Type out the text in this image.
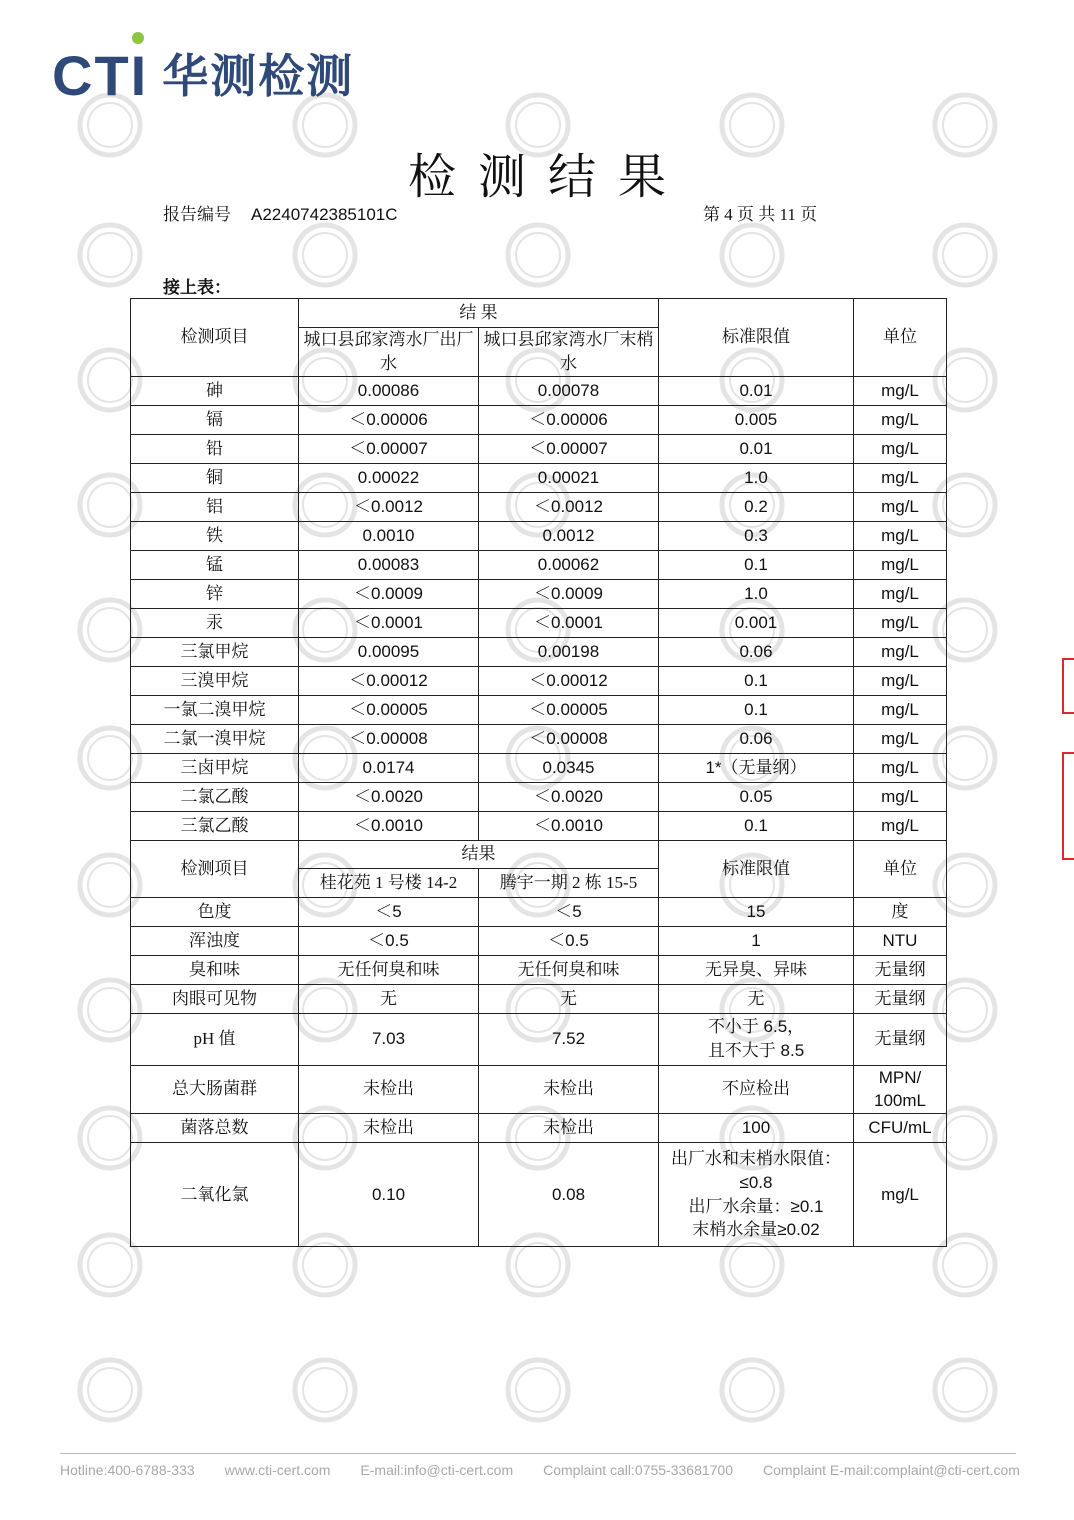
CTI 华测检测
检测结果
报告编号 A2240742385101C	第 4 页 共 11 页
接上表：
检测项目	结 果		标准限值	单位
	城口县邱家湾水厂出厂水	城口县邱家湾水厂末梢水		
砷	0.00086	0.00078	0.01	mg/L
镉	＜0.00006	＜0.00006	0.005	mg/L
铅	＜0.00007	＜0.00007	0.01	mg/L
铜	0.00022	0.00021	1.0	mg/L
铝	＜0.0012	＜0.0012	0.2	mg/L
铁	0.0010	0.0012	0.3	mg/L
锰	0.00083	0.00062	0.1	mg/L
锌	＜0.0009	＜0.0009	1.0	mg/L
汞	＜0.0001	＜0.0001	0.001	mg/L
三氯甲烷	0.00095	0.00198	0.06	mg/L
三溴甲烷	＜0.00012	＜0.00012	0.1	mg/L
一氯二溴甲烷	＜0.00005	＜0.00005	0.1	mg/L
二氯一溴甲烷	＜0.00008	＜0.00008	0.06	mg/L
三卤甲烷	0.0174	0.0345	1*（无量纲）	mg/L
二氯乙酸	＜0.0020	＜0.0020	0.05	mg/L
三氯乙酸	＜0.0010	＜0.0010	0.1	mg/L
检测项目	结果		标准限值	单位
	桂花苑 1 号楼 14-2	腾宇一期 2 栋 15-5		
色度	＜5	＜5	15	度
浑浊度	＜0.5	＜0.5	1	NTU
臭和味	无任何臭和味	无任何臭和味	无异臭、异味	无量纲
肉眼可见物	无	无	无	无量纲
pH 值	7.03	7.52	不小于 6.5，
且不大于 8.5	无量纲
总大肠菌群	未检出	未检出	不应检出	MPN/
100mL
菌落总数	未检出	未检出	100	CFU/mL
二氧化氯	0.10	0.08	出厂水和末梢水限值：
≤0.8
出厂水余量：≥0.1
末梢水余量≥0.02	mg/L
Hotline:400-6788-333 www.cti-cert.com E-mail:info@cti-cert.com Complaint call:0755-33681700 Complaint E-mail:complaint@cti-cert.com
